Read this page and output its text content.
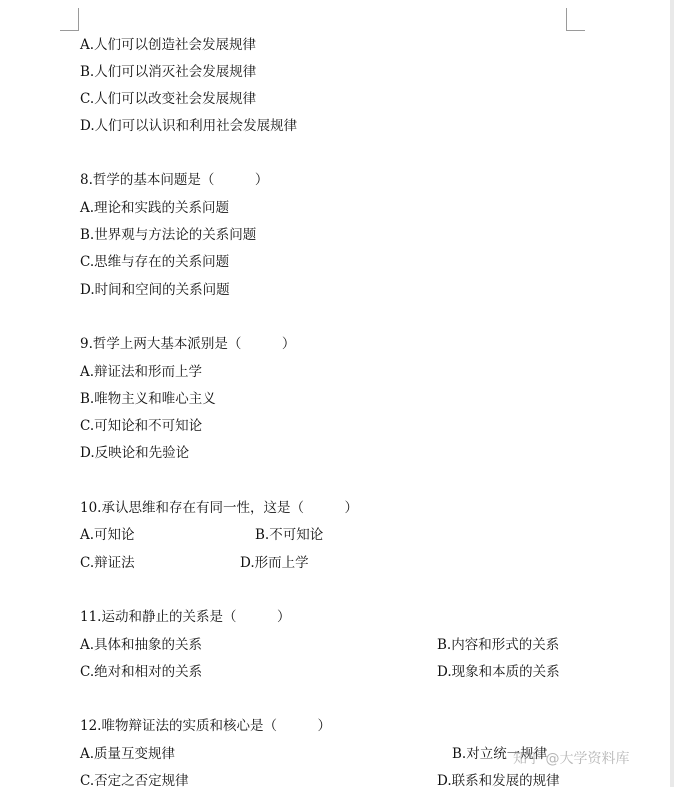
A.人们可以创造社会发展规律
B.人们可以消灭社会发展规律
C.人们可以改变社会发展规律
D.人们可以认识和利用社会发展规律
8.哲学的基本问题是（　　　）
A.理论和实践的关系问题
B.世界观与方法论的关系问题
C.思维与存在的关系问题
D.时间和空间的关系问题
9.哲学上两大基本派别是（　　　）
A.辩证法和形而上学
B.唯物主义和唯心主义
C.可知论和不可知论
D.反映论和先验论
10.承认思维和存在有同一性，这是（　　　）
A.可知论	B.不可知论
C.辩证法	D.形而上学
11.运动和静止的关系是（　　　）
A.具体和抽象的关系	B.内容和形式的关系
C.绝对和相对的关系	D.现象和本质的关系
12.唯物辩证法的实质和核心是（　　　）
A.质量互变规律	B.对立统一规律
C.否定之否定规律	D.联系和发展的规律
知乎 @大学资料库
